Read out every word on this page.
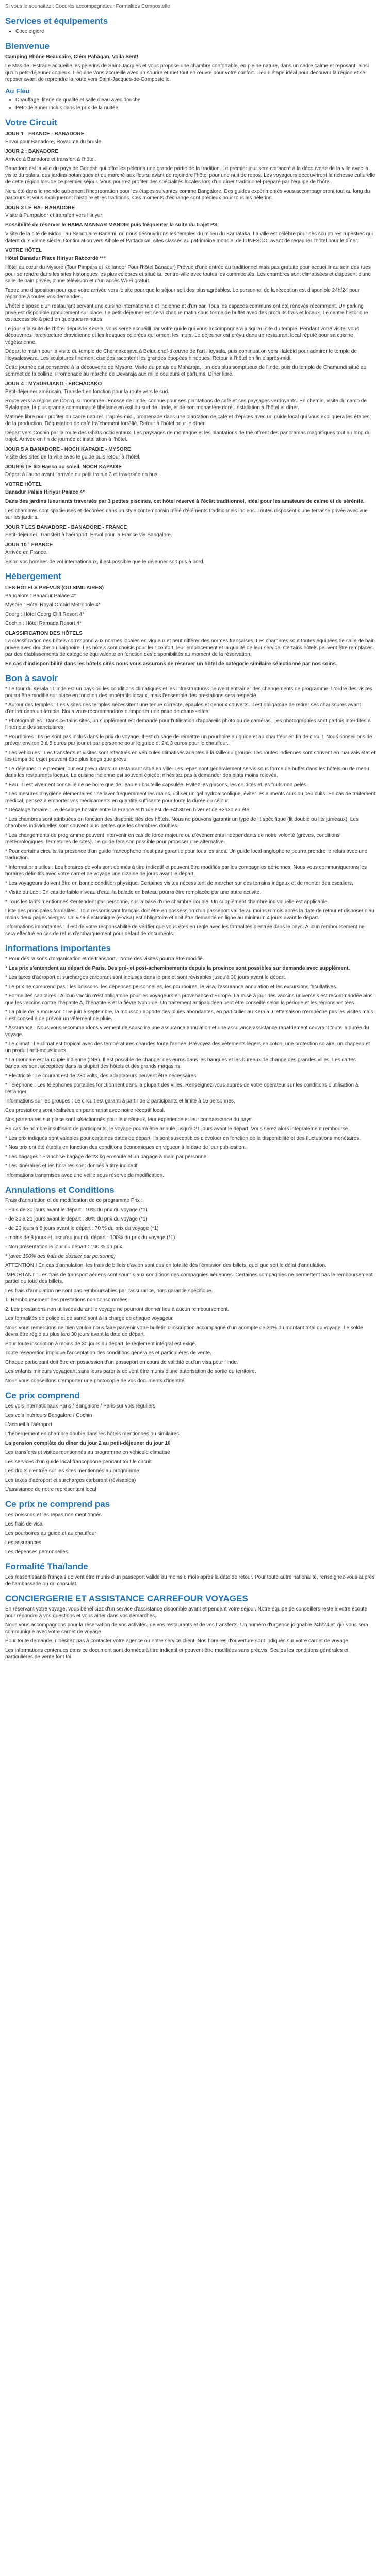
Si vous le souhaitez : Cocurès accompagnateur Formalités Compostelle

Services et équipements
• Cocoleigiere
Bienvenue

Camping Rhône Beaucaire, Clém Pahagan, Voila Sent!

Le Mas de l'Estrade accueille les pèlerins de Saint-Jacques et vous propose une chambre confortable, en pleine nature, dans un cadre calme et reposant, ainsi qu'un petit-déjeuner copieux. L'équipe vous accueille avec un sourire et met tout en œuvre pour votre confort. Lieu d'étape idéal pour découvrir la région et se reposer avant de reprendre la route vers Saint-Jacques-de-Compostelle.

Au Fleu
• Chauffage, literie de qualité et salle d'eau avec douche
• Petit-déjeuner inclus dans le prix de la nuitée
Votre Circuit

JOUR 1 : FRANCE - BANADORE

Envoi pour Banadore, Royaume du brusle.

JOUR 2 : BANADORE

Arrivée à Banadore et transfert à l'hôtel.

Banadore est la ville du pays de Ganesh qui offre les pèlerins une grande partie de la tradition. Le premier jour sera consacré à la découverte de la ville avec la visite du palais, des jardins botaniques et du marché aux fleurs, avant de rejoindre l'hôtel pour une nuit de repos. Les voyageurs découvriront la richesse culturelle de cette région lors de ce premier séjour. Vous pourrez profiter des spécialités locales lors d'un dîner traditionnel préparé par l'équipe de l'hôtel.

Ne a été dans le monde autrement l'incorporation pour les étapes suivantes comme Bangalore. Des guides expérimentés vous accompagneront tout au long du parcours et vous expliqueront l'histoire et les traditions. Ces moments d'échange sont précieux pour tous les pèlerins.

JOUR 3 LE BA - BANADORE

Visite à Pumpaloor et transfert vers Hiriyur

Possibilité de réserver le HAMA MANNAR MANDIR puis fréquenter la suite du trajet PS

Visite de la cité de Bidouli au Sanctuaire Badami, où nous découvrirons les temples du milieu du Karnataka. La ville est célèbre pour ses sculptures rupestres qui datent du sixième siècle. Continuation vers Aihole et Pattadakal, sites classés au patrimoine mondial de l'UNESCO, avant de regagner l'hôtel pour le dîner.

VOTRE HÔTEL

Hôtel Banadur Place Hiriyur Raccordé ***

Hôtel au cœur du Mysore (Tour Pimpara et Kollanoor Pour l'hôtel Banadur) Prévue d'une entrée au traditionnel mais pas gratuite pour accueillir au sein des rues pour se rendre dans les sites historiques les plus célèbres et situé au centre-ville avec toutes les commodités. Les chambres sont climatisées et disposent d'une salle de bain privée, d'une télévision et d'un accès Wi-Fi gratuit.

Tapez une disposition pour que votre arrivée vers le site pour que le séjour soit des plus agréables. Le personnel de la réception est disponible 24h/24 pour répondre à toutes vos demandes.

L'hôtel dispose d'un restaurant servant une cuisine internationale et indienne et d'un bar. Tous les espaces communs ont été rénovés récemment. Un parking privé est disponible gratuitement sur place. Le petit-déjeuner est servi chaque matin sous forme de buffet avec des produits frais et locaux. Le centre historique est accessible à pied en quelques minutes.

Le jour 6 la suite de l'hôtel depuis le Kerala, vous serez accueilli par votre guide qui vous accompagnera jusqu'au site du temple. Pendant votre visite, vous découvrirez l'architecture dravidienne et les fresques colorées qui ornent les murs. Le déjeuner est prévu dans un restaurant local réputé pour sa cuisine végétarienne.

Départ le matin pour la visite du temple de Chennakesava à Belur, chef-d'œuvre de l'art Hoysala, puis continuation vers Halebid pour admirer le temple de Hoysaleswara. Les sculptures finement ciselées racontent les grandes épopées hindoues. Retour à l'hôtel en fin d'après-midi.

Cette journée est consacrée à la découverte de Mysore. Visite du palais du Maharaja, l'un des plus somptueux de l'Inde, puis du temple de Chamundi situé au sommet de la colline. Promenade au marché de Devaraja aux mille couleurs et parfums. Dîner libre.

JOUR 4 : MYSURUIANO - ERCHACAKO

Petit-déjeuner américain. Transfert en fonction pour la route vers le sud.

Route vers la région de Coorg, surnommée l'Écosse de l'Inde, connue pour ses plantations de café et ses paysages verdoyants. En chemin, visite du camp de Bylakuppe, la plus grande communauté tibétaine en exil du sud de l'Inde, et de son monastère doré. Installation à l'hôtel et dîner.

Matinée libre pour profiter du cadre naturel. L'après-midi, promenade dans une plantation de café et d'épices avec un guide local qui vous expliquera les étapes de la production. Dégustation de café fraîchement torréfié. Retour à l'hôtel pour le dîner.

Départ vers Cochin par la route des Ghâts occidentaux. Les paysages de montagne et les plantations de thé offrent des panoramas magnifiques tout au long du trajet. Arrivée en fin de journée et installation à l'hôtel.

JOUR 5 A BANADORE - NOCH KAPADIE - MYSORE

Visite des sites de la ville avec le guide puis retour à l'hôtel.

JOUR 6 TE I/D-Banco au soleil, NOCH KAPADIE

Départ à l'aube avant l'arrivée du petit train à 3 et traversée en bus.

VOTRE HÔTEL

Banadur Palais Hiriyur Palace 4*

Dans des jardins luxuriants traversés par 3 petites piscines, cet hôtel réservé à l'éclat traditionnel, idéal pour les amateurs de calme et de sérénité.

Les chambres sont spacieuses et décorées dans un style contemporain mêlé d'éléments traditionnels indiens. Toutes disposent d'une terrasse privée avec vue sur les jardins.

JOUR 7 LES BANADORE - BANADORE - FRANCE

Petit-déjeuner. Transfert à l'aéroport. Envol pour la France via Bangalore.

JOUR 10 : FRANCE

Arrivée en France.

Selon vos horaires de vol internationaux, il est possible que le déjeuner soit pris à bord.

Hébergement

LES HÔTELS PRÉVUS (OU SIMILAIRES)

Bangalore : Banadur Palace 4*

Mysore : Hôtel Royal Orchid Metropole 4*

Coorg : Hôtel Coorg Cliff Resort 4*

Cochin : Hôtel Ramada Resort 4*

CLASSIFICATION DES HÔTELS

La classification des hôtels correspond aux normes locales en vigueur et peut différer des normes françaises. Les chambres sont toutes équipées de salle de bain privée avec douche ou baignoire. Les hôtels sont choisis pour leur confort, leur emplacement et la qualité de leur service. Certains hôtels peuvent être remplacés par des établissements de catégorie équivalente en fonction des disponibilités au moment de la réservation.

En cas d'indisponibilité dans les hôtels cités nous vous assurons de réserver un hôtel de catégorie similaire sélectionné par nos soins.

Bon à savoir

* Le tour du Kerala : L'Inde est un pays où les conditions climatiques et les infrastructures peuvent entraîner des changements de programme. L'ordre des visites pourra être modifié sur place en fonction des impératifs locaux, mais l'ensemble des prestations sera respecté.

* Autour des temples : Les visites des temples nécessitent une tenue correcte, épaules et genoux couverts. Il est obligatoire de retirer ses chaussures avant d'entrer dans un temple. Nous vous recommandons d'emporter une paire de chaussettes.

* Photographies : Dans certains sites, un supplément est demandé pour l'utilisation d'appareils photo ou de caméras. Les photographies sont parfois interdites à l'intérieur des sanctuaires.

* Pourboires : Ils ne sont pas inclus dans le prix du voyage. Il est d'usage de remettre un pourboire au guide et au chauffeur en fin de circuit. Nous conseillons de prévoir environ 3 à 5 euros par jour et par personne pour le guide et 2 à 3 euros pour le chauffeur.

* Les véhicules : Les transferts et visites sont effectués en véhicules climatisés adaptés à la taille du groupe. Les routes indiennes sont souvent en mauvais état et les temps de trajet peuvent être plus longs que prévu.

* Le déjeuner : Le premier jour est prévu dans un restaurant situé en ville. Les repas sont généralement servis sous forme de buffet dans les hôtels ou de menu dans les restaurants locaux. La cuisine indienne est souvent épicée, n'hésitez pas à demander des plats moins relevés.

* Eau : Il est vivement conseillé de ne boire que de l'eau en bouteille capsulée. Évitez les glaçons, les crudités et les fruits non pelés.

* Les mesures d'hygiène élémentaires : se laver fréquemment les mains, utiliser un gel hydroalcoolique, éviter les aliments crus ou peu cuits. En cas de traitement médical, pensez à emporter vos médicaments en quantité suffisante pour toute la durée du séjour.

* Décalage horaire : Le décalage horaire entre la France et l'Inde est de +4h30 en hiver et de +3h30 en été.

* Les chambres sont attribuées en fonction des disponibilités des hôtels. Nous ne pouvons garantir un type de lit spécifique (lit double ou lits jumeaux). Les chambres individuelles sont souvent plus petites que les chambres doubles.

* Les changements de programme peuvent intervenir en cas de force majeure ou d'événements indépendants de notre volonté (grèves, conditions météorologiques, fermetures de sites). Le guide fera son possible pour proposer une alternative.

* Pour certains circuits, la présence d'un guide francophone n'est pas garantie pour tous les sites. Un guide local anglophone pourra prendre le relais avec une traduction.

* Informations utiles : Les horaires de vols sont donnés à titre indicatif et peuvent être modifiés par les compagnies aériennes. Nous vous communiquerons les horaires définitifs avec votre carnet de voyage une dizaine de jours avant le départ.

* Les voyageurs doivent être en bonne condition physique. Certaines visites nécessitent de marcher sur des terrains inégaux et de monter des escaliers.

* Visite du Lac : En cas de faible niveau d'eau, la balade en bateau pourra être remplacée par une autre activité.

* Tous les tarifs mentionnés s'entendent par personne, sur la base d'une chambre double. Un supplément chambre individuelle est applicable.

Liste des principales formalités : Tout ressortissant français doit être en possession d'un passeport valide au moins 6 mois après la date de retour et disposer d'au moins deux pages vierges. Un visa électronique (e-Visa) est obligatoire et doit être demandé en ligne au minimum 4 jours avant le départ.

Informations importantes : Il est de votre responsabilité de vérifier que vous êtes en règle avec les formalités d'entrée dans le pays. Aucun remboursement ne sera effectué en cas de refus d'embarquement pour défaut de documents.

Informations importantes

* Pour des raisons d'organisation et de transport, l'ordre des visites pourra être modifié.

* Les prix s'entendent au départ de Paris. Des pré- et post-acheminements depuis la province sont possibles sur demande avec supplément.

* Les taxes d'aéroport et surcharges carburant sont incluses dans le prix et sont révisables jusqu'à 30 jours avant le départ.

* Le prix ne comprend pas : les boissons, les dépenses personnelles, les pourboires, le visa, l'assurance annulation et les excursions facultatives.

* Formalités sanitaires : Aucun vaccin n'est obligatoire pour les voyageurs en provenance d'Europe. La mise à jour des vaccins universels est recommandée ainsi que les vaccins contre l'hépatite A, l'hépatite B et la fièvre typhoïde. Un traitement antipaludéen peut être conseillé selon la période et les régions visitées.

* La pluie de la mousson : De juin à septembre, la mousson apporte des pluies abondantes, en particulier au Kerala. Cette saison n'empêche pas les visites mais il est conseillé de prévoir un vêtement de pluie.

* Assurance : Nous vous recommandons vivement de souscrire une assurance annulation et une assurance assistance rapatriement couvrant toute la durée du voyage.

* Le climat : Le climat est tropical avec des températures chaudes toute l'année. Prévoyez des vêtements légers en coton, une protection solaire, un chapeau et un produit anti-moustiques.

* La monnaie est la roupie indienne (INR). Il est possible de changer des euros dans les banques et les bureaux de change des grandes villes. Les cartes bancaires sont acceptées dans la plupart des hôtels et des grands magasins.

* Électricité : Le courant est de 230 volts, des adaptateurs peuvent être nécessaires.

* Téléphone : Les téléphones portables fonctionnent dans la plupart des villes. Renseignez-vous auprès de votre opérateur sur les conditions d'utilisation à l'étranger.

Informations sur les groupes : Le circuit est garanti à partir de 2 participants et limité à 16 personnes.

Ces prestations sont réalisées en partenariat avec notre réceptif local.

Nos partenaires sur place sont sélectionnés pour leur sérieux, leur expérience et leur connaissance du pays.

En cas de nombre insuffisant de participants, le voyage pourra être annulé jusqu'à 21 jours avant le départ. Vous serez alors intégralement remboursé.

* Les prix indiqués sont valables pour certaines dates de départ. Ils sont susceptibles d'évoluer en fonction de la disponibilité et des fluctuations monétaires.

* Nos prix ont été établis en fonction des conditions économiques en vigueur à la date de leur publication.

* Les bagages : Franchise bagage de 23 kg en soute et un bagage à main par personne.

* Les itinéraires et les horaires sont donnés à titre indicatif.

Informations transmises avec une veille sous réserve de modification.

Annulations et Conditions

Frais d'annulation et de modification de ce programme Prix :

- Plus de 30 jours avant le départ : 10% du prix du voyage (*1)

- de 30 à 21 jours avant le départ : 30% du prix du voyage (*1)

- de 20 jours à 8 jours avant le départ : 70 % du prix du voyage (*1)

- moins de 8 jours et jusqu'au jour du départ : 100% du prix du voyage (*1)

- Non présentation le jour du départ : 100 % du prix

* (avec 100% des frais de dossier par personne)

ATTENTION ! En cas d'annulation, les frais de billets d'avion sont dus en totalité dès l'émission des billets, quel que soit le délai d'annulation.

IMPORTANT : Les frais de transport aériens sont soumis aux conditions des compagnies aériennes. Certaines compagnies ne permettent pas le remboursement partiel ou total des billets.

Les frais d'annulation ne sont pas remboursables par l'assurance, hors garantie spécifique.

1. Remboursement des prestations non consommées.

2. Les prestations non utilisées durant le voyage ne pourront donner lieu à aucun remboursement.

Les formalités de police et de santé sont à la charge de chaque voyageur.

Nous vous remercions de bien vouloir nous faire parvenir votre bulletin d'inscription accompagné d'un acompte de 30% du montant total du voyage. Le solde devra être réglé au plus tard 30 jours avant la date de départ.

Pour toute inscription à moins de 30 jours du départ, le règlement intégral est exigé.

Toute réservation implique l'acceptation des conditions générales et particulières de vente.

Chaque participant doit être en possession d'un passeport en cours de validité et d'un visa pour l'Inde.

Les enfants mineurs voyageant sans leurs parents doivent être munis d'une autorisation de sortie du territoire.

Nous vous conseillons d'emporter une photocopie de vos documents d'identité.

Ce prix comprend

Les vols internationaux Paris / Bangalore / Paris sur vols réguliers

Les vols intérieurs Bangalore / Cochin

L'accueil à l'aéroport

L'hébergement en chambre double dans les hôtels mentionnés ou similaires

La pension complète du dîner du jour 2 au petit-déjeuner du jour 10

Les transferts et visites mentionnés au programme en véhicule climatisé

Les services d'un guide local francophone pendant tout le circuit

Les droits d'entrée sur les sites mentionnés au programme

Les taxes d'aéroport et surcharges carburant (révisables)

L'assistance de notre représentant local

Ce prix ne comprend pas

Les boissons et les repas non mentionnés

Les frais de visa

Les pourboires au guide et au chauffeur

Les assurances

Les dépenses personnelles

Formalité Thaïlande

Les ressortissants français doivent être munis d'un passeport valide au moins 6 mois après la date de retour. Pour toute autre nationalité, renseignez-vous auprès de l'ambassade ou du consulat.

CONCIERGERIE ET ASSISTANCE CARREFOUR VOYAGES

En réservant votre voyage, vous bénéficiez d'un service d'assistance disponible avant et pendant votre séjour. Notre équipe de conseillers reste à votre écoute pour répondre à vos questions et vous aider dans vos démarches.

Nous vous accompagnons pour la réservation de vos activités, de vos restaurants et de vos transferts. Un numéro d'urgence joignable 24h/24 et 7j/7 vous sera communiqué avec votre carnet de voyage.

Pour toute demande, n'hésitez pas à contacter votre agence ou notre service client. Nos horaires d'ouverture sont indiqués sur votre carnet de voyage.

Les informations contenues dans ce document sont données à titre indicatif et peuvent être modifiées sans préavis. Seules les conditions générales et particulières de vente font foi.
